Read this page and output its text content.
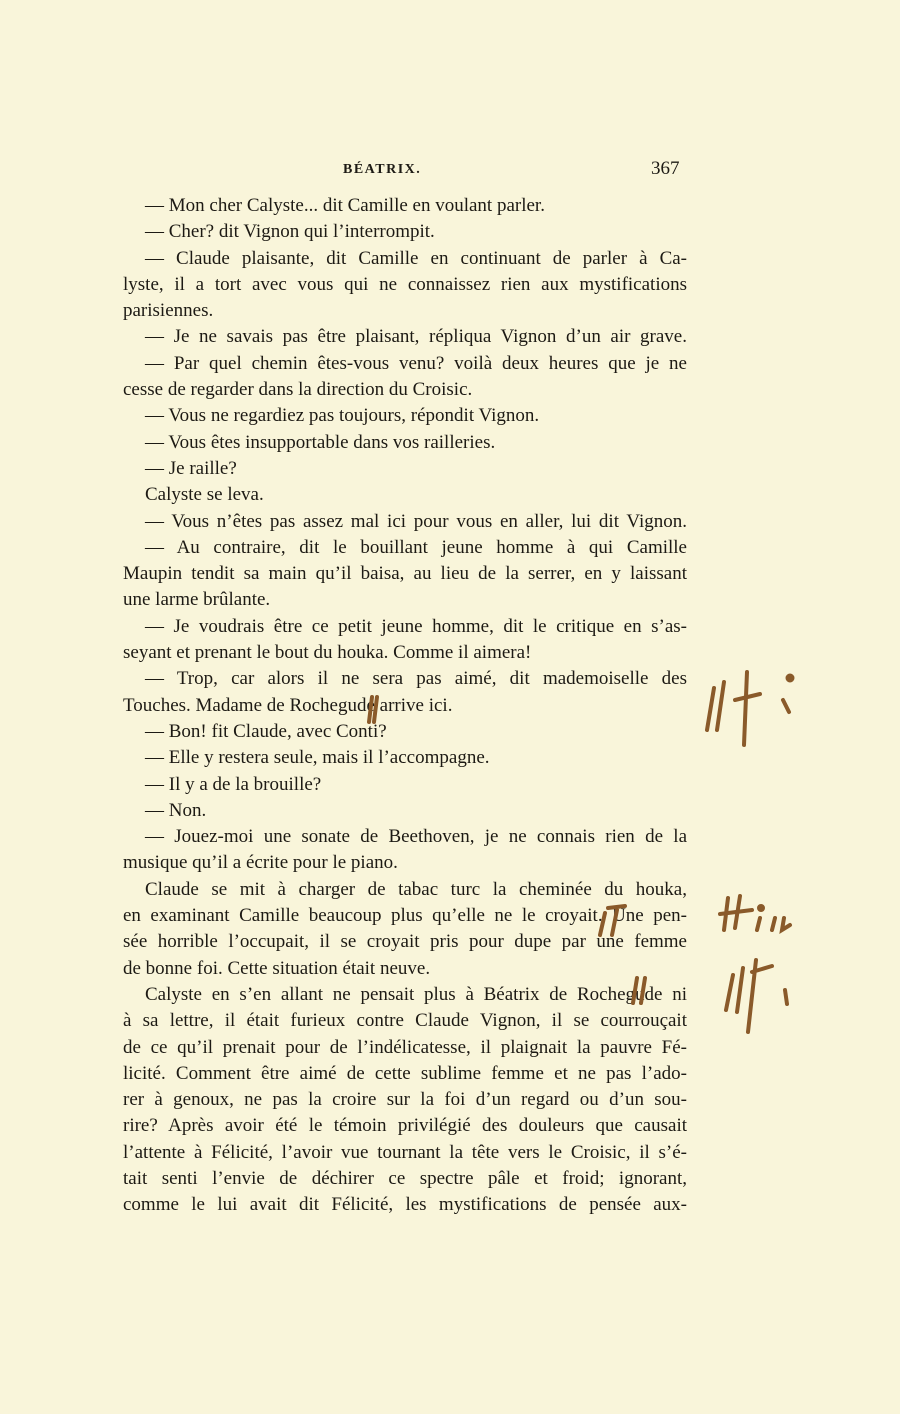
BÉATRIX.	367
— Mon cher Calyste... dit Camille en voulant parler.
— Cher? dit Vignon qui l’interrompit.
— Claude plaisante, dit Camille en continuant de parler à Ca-
lyste, il a tort avec vous qui ne connaissez rien aux mystifications
parisiennes.
— Je ne savais pas être plaisant, répliqua Vignon d’un air grave.
— Par quel chemin êtes-vous venu? voilà deux heures que je ne
cesse de regarder dans la direction du Croisic.
— Vous ne regardiez pas toujours, répondit Vignon.
— Vous êtes insupportable dans vos railleries.
— Je raille?
Calyste se leva.
— Vous n’êtes pas assez mal ici pour vous en aller, lui dit Vignon.
— Au contraire, dit le bouillant jeune homme à qui Camille
Maupin tendit sa main qu’il baisa, au lieu de la serrer, en y laissant
une larme brûlante.
— Je voudrais être ce petit jeune homme, dit le critique en s’as-
seyant et prenant le bout du houka. Comme il aimera!
— Trop, car alors il ne sera pas aimé, dit mademoiselle des
Touches. Madame de Rochegude arrive ici.
— Bon! fit Claude, avec Conti?
— Elle y restera seule, mais il l’accompagne.
— Il y a de la brouille?
— Non.
— Jouez-moi une sonate de Beethoven, je ne connais rien de la
musique qu’il a écrite pour le piano.
Claude se mit à charger de tabac turc la cheminée du houka,
en examinant Camille beaucoup plus qu’elle ne le croyait. Une pen-
sée horrible l’occupait, il se croyait pris pour dupe par une femme
de bonne foi. Cette situation était neuve.
Calyste en s’en allant ne pensait plus à Béatrix de Rochegude ni
à sa lettre, il était furieux contre Claude Vignon, il se courrouçait
de ce qu’il prenait pour de l’indélicatesse, il plaignait la pauvre Fé-
licité. Comment être aimé de cette sublime femme et ne pas l’ado-
rer à genoux, ne pas la croire sur la foi d’un regard ou d’un sou-
rire? Après avoir été le témoin privilégié des douleurs que causait
l’attente à Félicité, l’avoir vue tournant la tête vers le Croisic, il s’é-
tait senti l’envie de déchirer ce spectre pâle et froid; ignorant,
comme le lui avait dit Félicité, les mystifications de pensée aux-
